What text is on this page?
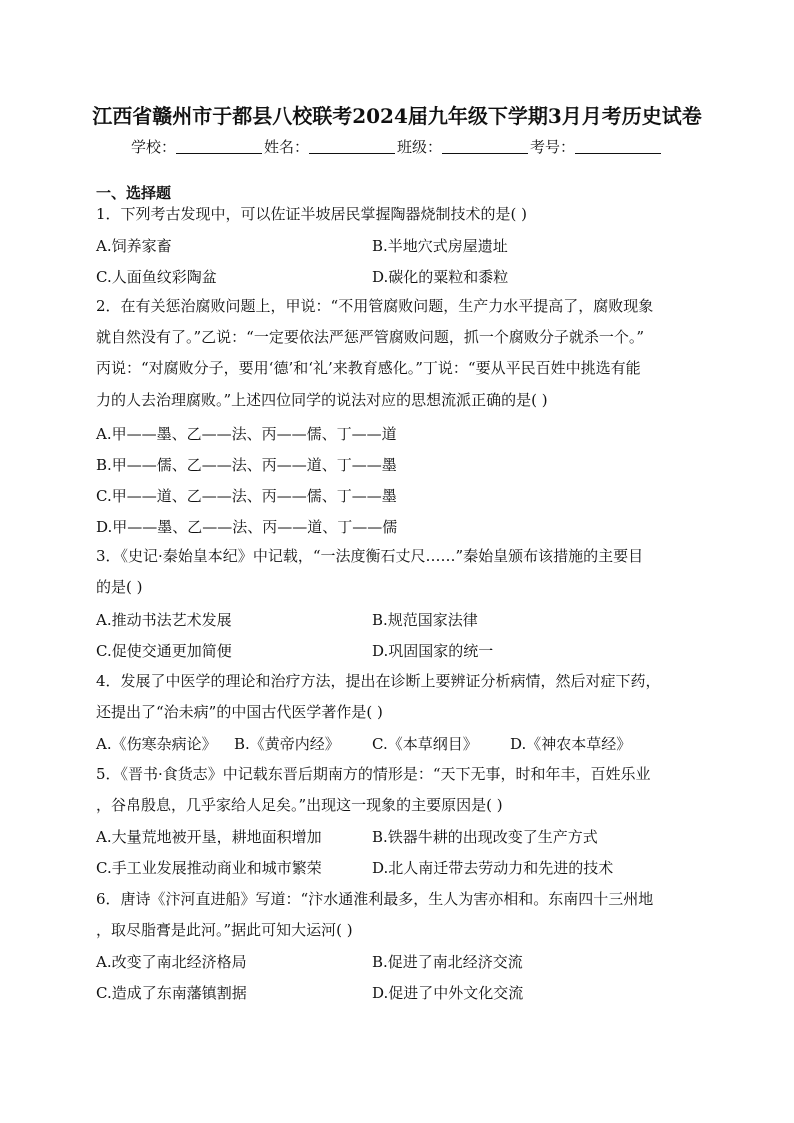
江西省赣州市于都县八校联考2024届九年级下学期3月月考历史试卷
学校：	姓名：	班级：	考号：
一、选择题
1．下列考古发现中，可以佐证半坡居民掌握陶器烧制技术的是( )
A.饲养家畜	B.半地穴式房屋遗址
C.人面鱼纹彩陶盆	D.碳化的粟粒和黍粒
2．在有关惩治腐败问题上，甲说：“不用管腐败问题，生产力水平提高了，腐败现象
就自然没有了。”乙说：“一定要依法严惩严管腐败问题，抓一个腐败分子就杀一个。”
丙说：“对腐败分子，要用‘德’和‘礼’来教育感化。”丁说：“要从平民百姓中挑选有能
力的人去治理腐败。”上述四位同学的说法对应的思想流派正确的是( )
A.甲——墨、乙——法、丙——儒、丁——道
B.甲——儒、乙——法、丙——道、丁——墨
C.甲——道、乙——法、丙——儒、丁——墨
D.甲——墨、乙——法、丙——道、丁——儒
3．《史记·秦始皇本纪》中记载，“一法度衡石丈尺……”秦始皇颁布该措施的主要目
的是( )
A.推动书法艺术发展	B.规范国家法律
C.促使交通更加简便	D.巩固国家的统一
4．发展了中医学的理论和治疗方法，提出在诊断上要辨证分析病情，然后对症下药，
还提出了“治未病”的中国古代医学著作是( )
A.《伤寒杂病论》 B.《黄帝内经》 C.《本草纲目》 D.《神农本草经》
5．《晋书·食货志》中记载东晋后期南方的情形是：“天下无事，时和年丰，百姓乐业
，谷帛殷息，几乎家给人足矣。”出现这一现象的主要原因是( )
A.大量荒地被开垦，耕地面积增加	B.铁器牛耕的出现改变了生产方式
C.手工业发展推动商业和城市繁荣	D.北人南迁带去劳动力和先进的技术
6．唐诗《汴河直进船》写道：“汴水通淮利最多，生人为害亦相和。东南四十三州地
，取尽脂膏是此河。”据此可知大运河( )
A.改变了南北经济格局	B.促进了南北经济交流
C.造成了东南藩镇割据	D.促进了中外文化交流
